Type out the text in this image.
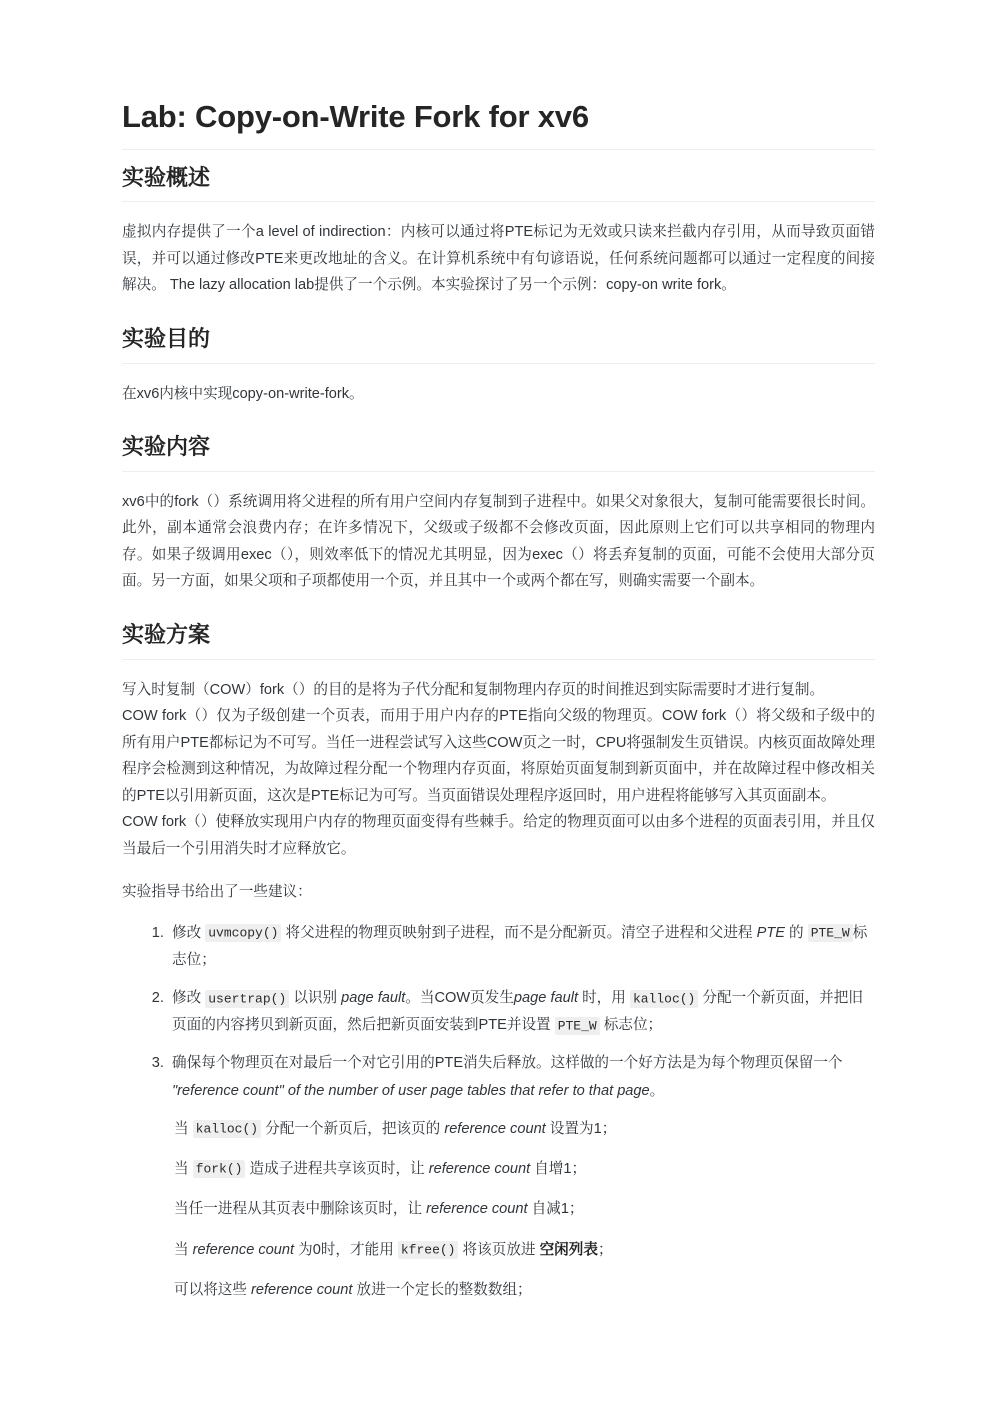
Lab: Copy-on-Write Fork for xv6
实验概述

虚拟内存提供了一个a level of indirection：内核可以通过将PTE标记为无效或只读来拦截内存引用，从而导致页面错误，并可以通过修改PTE来更改地址的含义。在计算机系统中有句谚语说，任何系统问题都可以通过一定程度的间接解决。 The lazy allocation lab提供了一个示例。本实验探讨了另一个示例：copy-on write fork。

实验目的

在xv6内核中实现copy-on-write-fork。

实验内容

xv6中的fork（）系统调用将父进程的所有用户空间内存复制到子进程中。如果父对象很大，复制可能需要很长时间。此外，副本通常会浪费内存；在许多情况下，父级或子级都不会修改页面，因此原则上它们可以共享相同的物理内存。如果子级调用exec（），则效率低下的情况尤其明显，因为exec（）将丢弃复制的页面，可能不会使用大部分页面。另一方面，如果父项和子项都使用一个页，并且其中一个或两个都在写，则确实需要一个副本。

实验方案

写入时复制（COW）fork（）的目的是将为子代分配和复制物理内存页的时间推迟到实际需要时才进行复制。

COW fork（）仅为子级创建一个页表，而用于用户内存的PTE指向父级的物理页。COW fork（）将父级和子级中的所有用户PTE都标记为不可写。当任一进程尝试写入这些COW页之一时，CPU将强制发生页错误。内核页面故障处理程序会检测到这种情况，为故障过程分配一个物理内存页面，将原始页面复制到新页面中，并在故障过程中修改相关的PTE以引用新页面，这次是PTE标记为可写。当页面错误处理程序返回时，用户进程将能够写入其页面副本。

COW fork（）使释放实现用户内存的物理页面变得有些棘手。给定的物理页面可以由多个进程的页面表引用，并且仅当最后一个引用消失时才应释放它。

实验指导书给出了一些建议：

1. 修改 uvmcopy() 将父进程的物理页映射到子进程，而不是分配新页。清空子进程和父进程 PTE 的 PTE_W 标志位；
2. 修改 usertrap() 以识别 page fault。当COW页发生page fault 时，用 kalloc() 分配一个新页面，并把旧页面的内容拷贝到新页面，然后把新页面安装到PTE并设置 PTE_W 标志位；
3. 确保每个物理页在对最后一个对它引用的PTE消失后释放。这样做的一个好方法是为每个物理页保留一个 "reference count" of the number of user page tables that refer to that page。
当 kalloc() 分配一个新页后，把该页的 reference count 设置为1；
当 fork() 造成子进程共享该页时，让 reference count 自增1；
当任一进程从其页表中删除该页时，让 reference count 自减1；
当 reference count 为0时，才能用 kfree() 将该页放进 空闲列表；
可以将这些 reference count 放进一个定长的整数数组；
